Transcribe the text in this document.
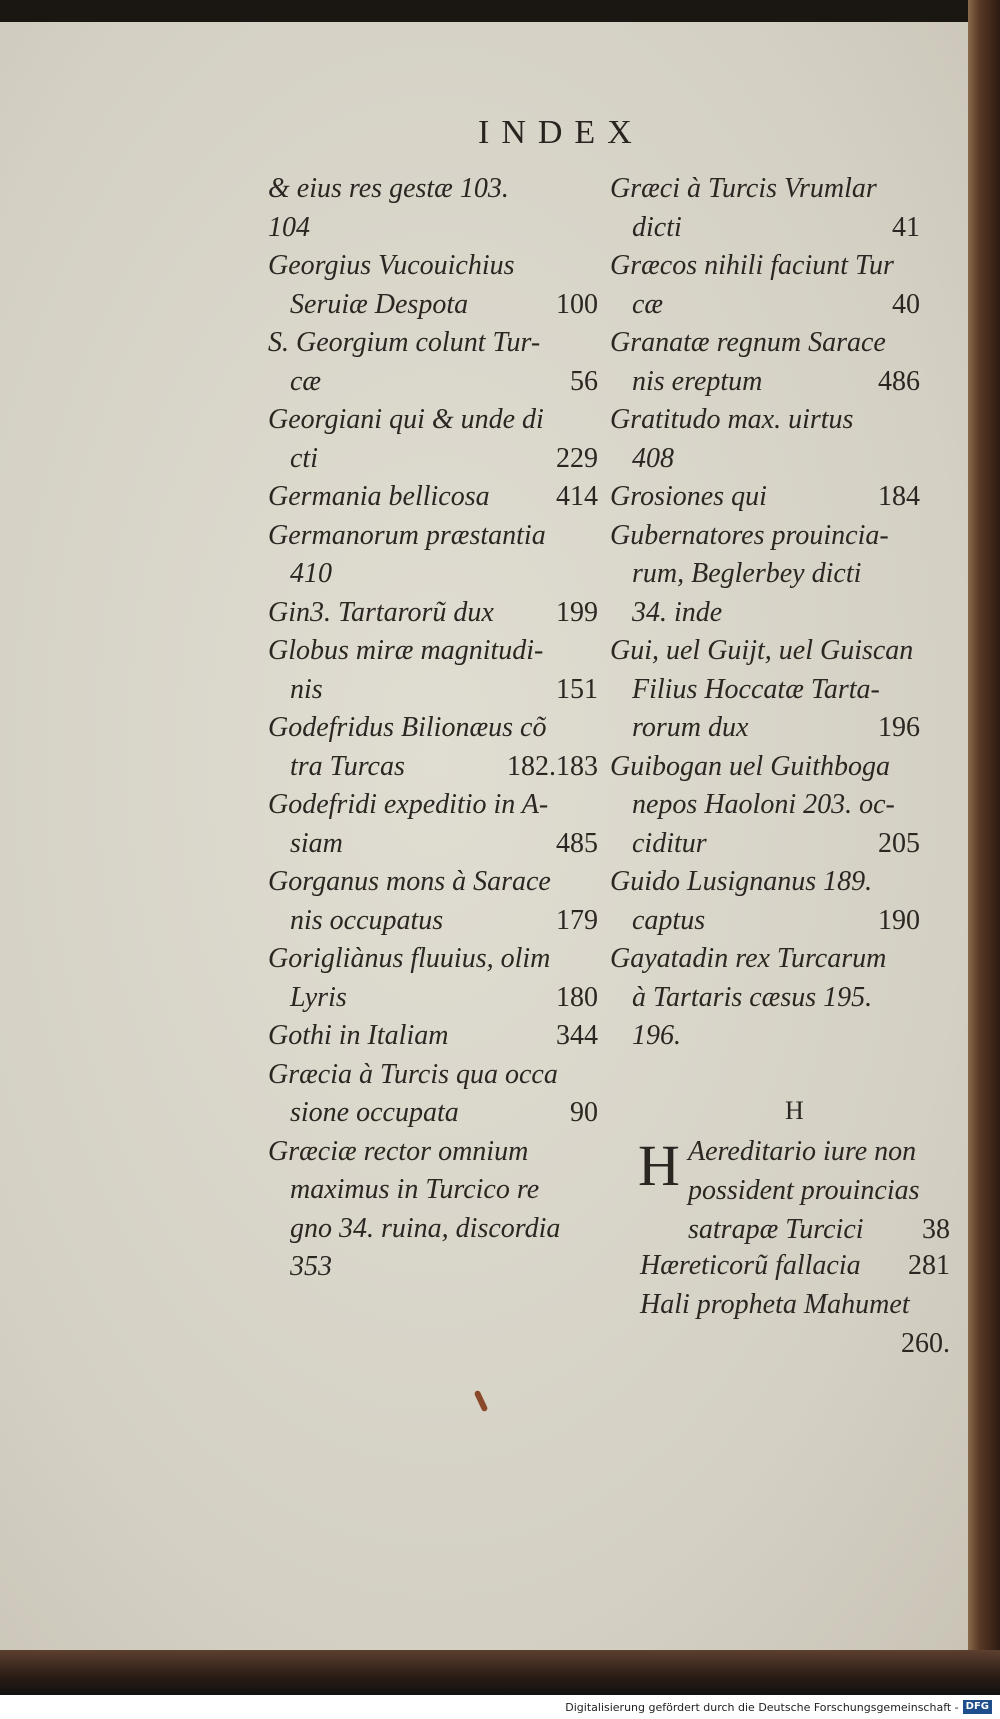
INDEX
& eius res gestæ 103.
104
Georgius Vucouichius
Seruiæ Despota	100
S. Georgium colunt Tur-
cæ	56
Georgiani qui & unde di
cti	229
Germania bellicosa 414
Germanorum præstantia
410
Gin3. Tartarorũ dux 199
Globus miræ magnitudi-
nis	151
Godefridus Bilionæus cõ
tra Turcas	182.183
Godefridi expeditio in A-
siam	485
Gorganus mons à Sarace
nis occupatus	179
Gorigliànus fluuius, olim
Lyris	180
Gothi in Italiam	344
Græcia à Turcis qua occa
sione occupata	90
Græciæ rector omnium
maximus in Turcico re
gno 34. ruina, discordia
353
Græci à Turcis Vrumlar
dicti	41
Græcos nihili faciunt Tur
cæ	40
Granatæ regnum Sarace
nis ereptum	486
Gratitudo max. uirtus
408
Grosiones qui	184
Gubernatores prouincia-
rum, Beglerbey dicti
34. inde
Gui, uel Guijt, uel Guiscan
Filius Hoccatæ Tarta-
rorum dux	196
Guibogan uel Guithboga
nepos Haoloni 203. oc-
ciditur	205
Guido Lusignanus 189.
captus	190
Gayatadin rex Turcarum
à Tartaris cæsus 195.
196.
H
H Aereditario iure non
possident prouincias
satrapæ Turcici 38
Hæreticorũ fallacia 281
Hali propheta Mahumet
260.
Digitalisierung gefördert durch die Deutsche Forschungsgemeinschaft - DFG
